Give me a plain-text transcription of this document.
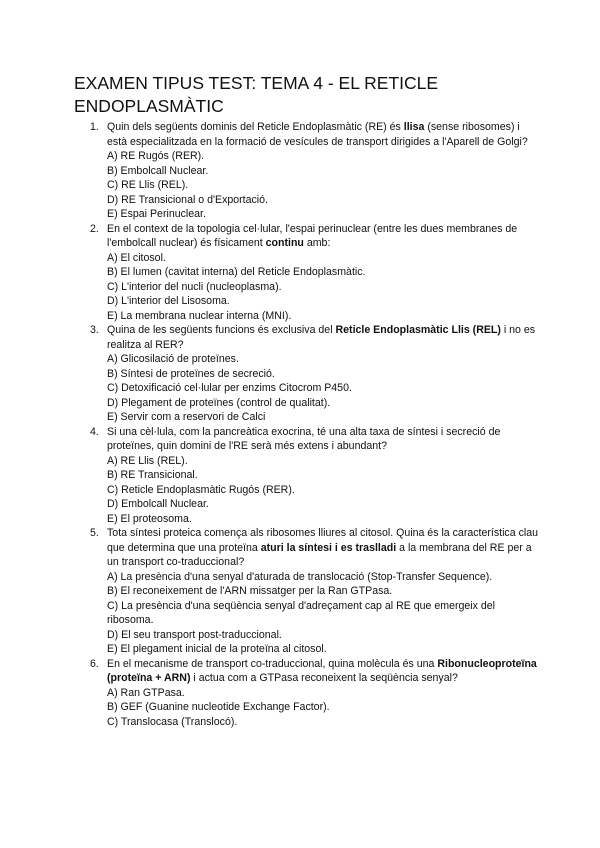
EXAMEN TIPUS TEST: TEMA 4 - EL RETICLE ENDOPLASMÀTIC
1. Quin dels següents dominis del Reticle Endoplasmàtic (RE) és llisa (sense ribosomes) i està especialitzada en la formació de vesícules de transport dirigides a l'Aparell de Golgi?
A) RE Rugós (RER).
B) Embolcall Nuclear.
C) RE Llis (REL).
D) RE Transicional o d'Exportació.
E) Espai Perinuclear.
2. En el context de la topologia cel·lular, l'espai perinuclear (entre les dues membranes de l'embolcall nuclear) és físicament continu amb:
A) El citosol.
B) El lumen (cavitat interna) del Reticle Endoplasmàtic.
C) L'interior del nucli (nucleoplasma).
D) L'interior del Lisosoma.
E) La membrana nuclear interna (MNI).
3. Quina de les següents funcions és exclusiva del Reticle Endoplasmàtic Llis (REL) i no es realitza al RER?
A) Glicosilació de proteïnes.
B) Síntesi de proteïnes de secreció.
C) Detoxificació cel·lular per enzims Citocrom P450.
D) Plegament de proteïnes (control de qualitat).
E) Servir com a reservori de Calci
4. Si una cèl·lula, com la pancreàtica exocrina, té una alta taxa de síntesi i secreció de proteïnes, quin domini de l'RE serà més extens i abundant?
A) RE Llis (REL).
B) RE Transicional.
C) Reticle Endoplasmàtic Rugós (RER).
D) Embolcall Nuclear.
E) El proteosoma.
5. Tota síntesi proteica comença als ribosomes lliures al citosol. Quina és la característica clau que determina que una proteïna aturi la síntesi i es traslladi a la membrana del RE per a un transport co-traduccional?
A) La presència d'una senyal d'aturada de translocació (Stop-Transfer Sequence).
B) El reconeixement de l'ARN missatger per la Ran GTPasa.
C) La presència d'una seqüència senyal d'adreçament cap al RE que emergeix del ribosoma.
D) El seu transport post-traduccional.
E) El plegament inicial de la proteïna al citosol.
6. En el mecanisme de transport co-traduccional, quina molècula és una Ribonucleoproteïna (proteïna + ARN) i actua com a GTPasa reconeixent la seqüència senyal?
A) Ran GTPasa.
B) GEF (Guanine nucleotide Exchange Factor).
C) Translocasa (Translocó).
